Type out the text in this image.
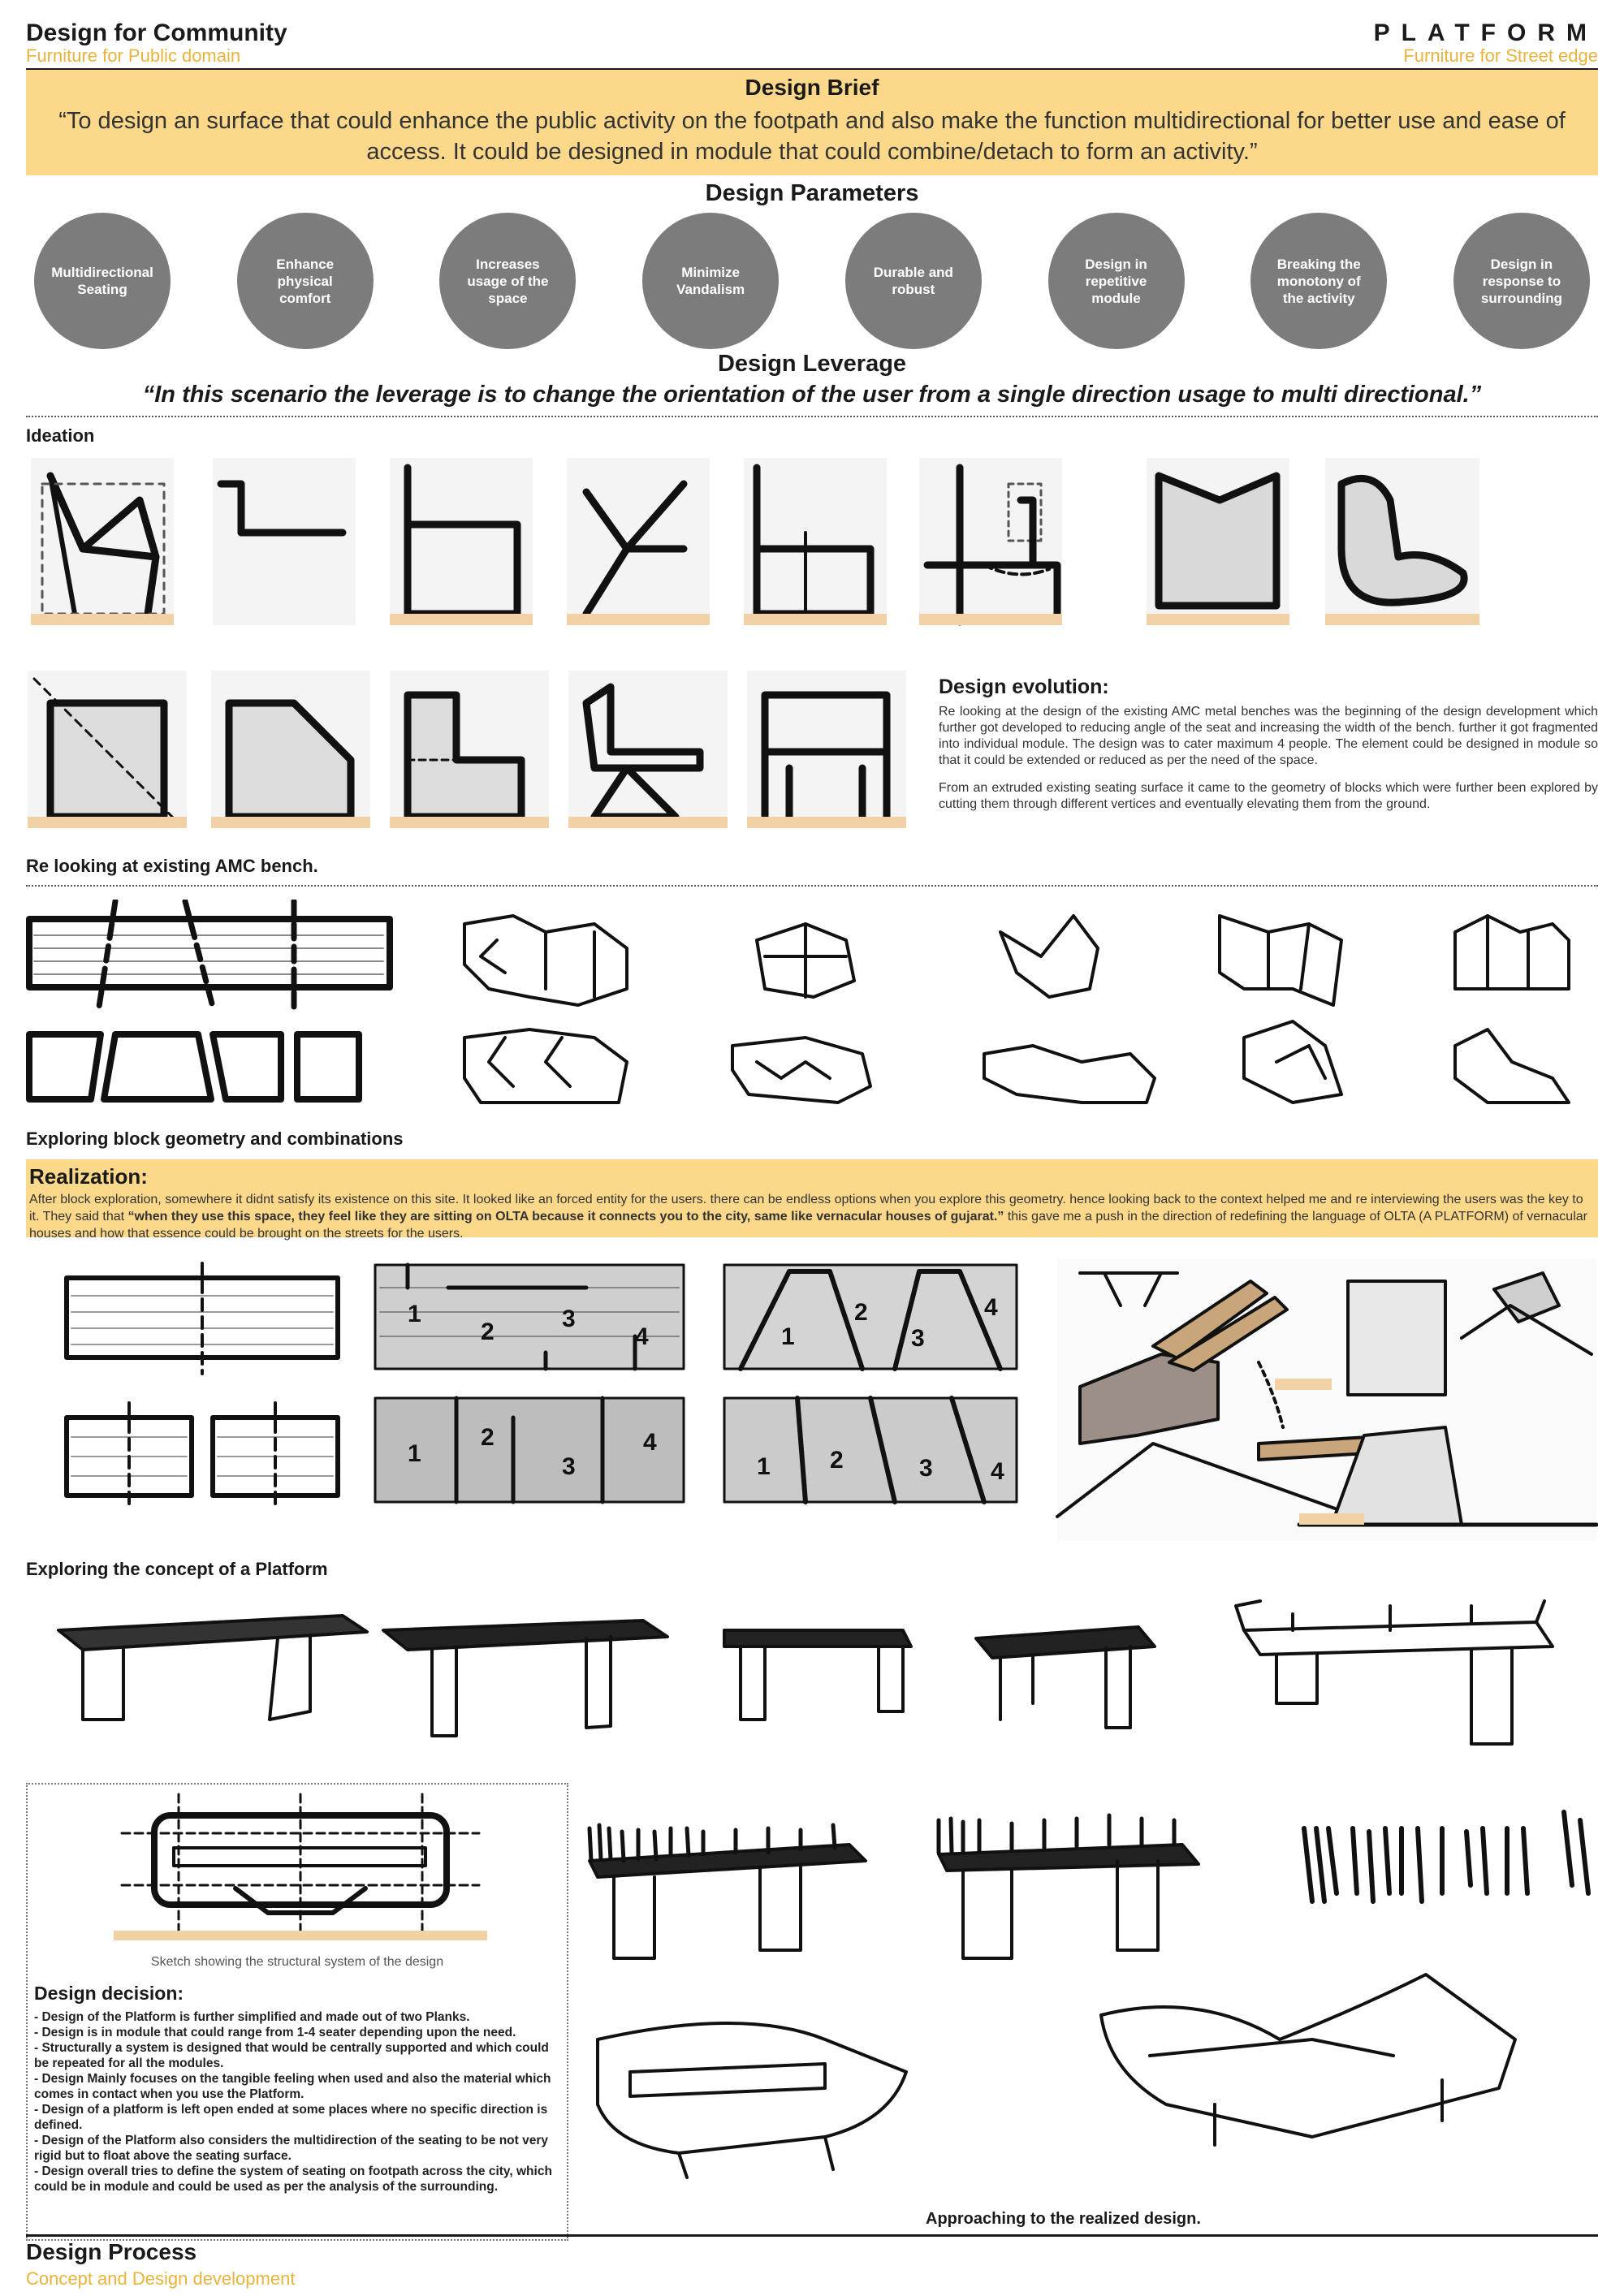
Design for Community
Furniture for Public domain
PLATFORM
Furniture for Street edge
Design Brief
“To design an surface that could enhance the public activity on the footpath and also make the function multidirectional for better use and ease of access. It could be designed in module that could combine/detach to form an activity.”
Design Parameters
Multidirectional Seating
Enhance physical comfort
Increases usage of the space
Minimize Vandalism
Durable and robust
Design in repetitive module
Breaking the monotony of the activity
Design in response to surrounding
Design Leverage
“In this scenario the leverage is to change the orientation of the user from a single direction usage to multi directional.”
Ideation
Design evolution:
Re looking at the design of the existing AMC metal benches was the beginning of the design development which further got developed to reducing angle of the seat and increasing the width of the bench. further it got fragmented into individual module. The design was to cater maximum 4 people. The element could be designed in module so that it could be extended or reduced as per the need of the space.
From an extruded existing seating surface it came to the geometry of blocks which were further been explored by cutting them through different vertices and eventually elevating them from the ground.
Re looking at existing AMC bench.
Exploring block geometry and combinations
Realization:
After block exploration, somewhere it didnt satisfy its existence on this site. It looked like an forced entity for the users. there can be endless options when you explore this geometry. hence looking back to the context helped me and re interviewing the users was the key to it. They said that “when they use this space, they feel like they are sitting on OLTA because it connects you to the city, same like vernacular houses of gujarat.” this gave me a push in the direction of redefining the language of OLTA (A PLATFORM) of vernacular houses and how that essence could be brought on the streets for the users.
1
2	3
4
1
2
3
4
1
2
3
4
1 2	3 4
Exploring the concept of a Platform
Sketch showing the structural system of the design
Design decision:
- Design of the Platform is further simplified and made out of two Planks.
- Design is in module that could range from 1-4 seater depending upon the need.
- Structurally a system is designed that would be centrally supported and which could be repeated for all the modules.
- Design Mainly focuses on the tangible feeling when used and also the material which comes in contact when you use the Platform.
- Design of a platform is left open ended at some places where no specific direction is defined.
- Design of the Platform also considers the multidirection of the seating to be not very rigid but to float above the seating surface.
- Design overall tries to define the system of seating on footpath across the city, which could be in module and could be used as per the analysis of the surrounding.
Approaching to the realized design.
Design Process
Concept and Design development
